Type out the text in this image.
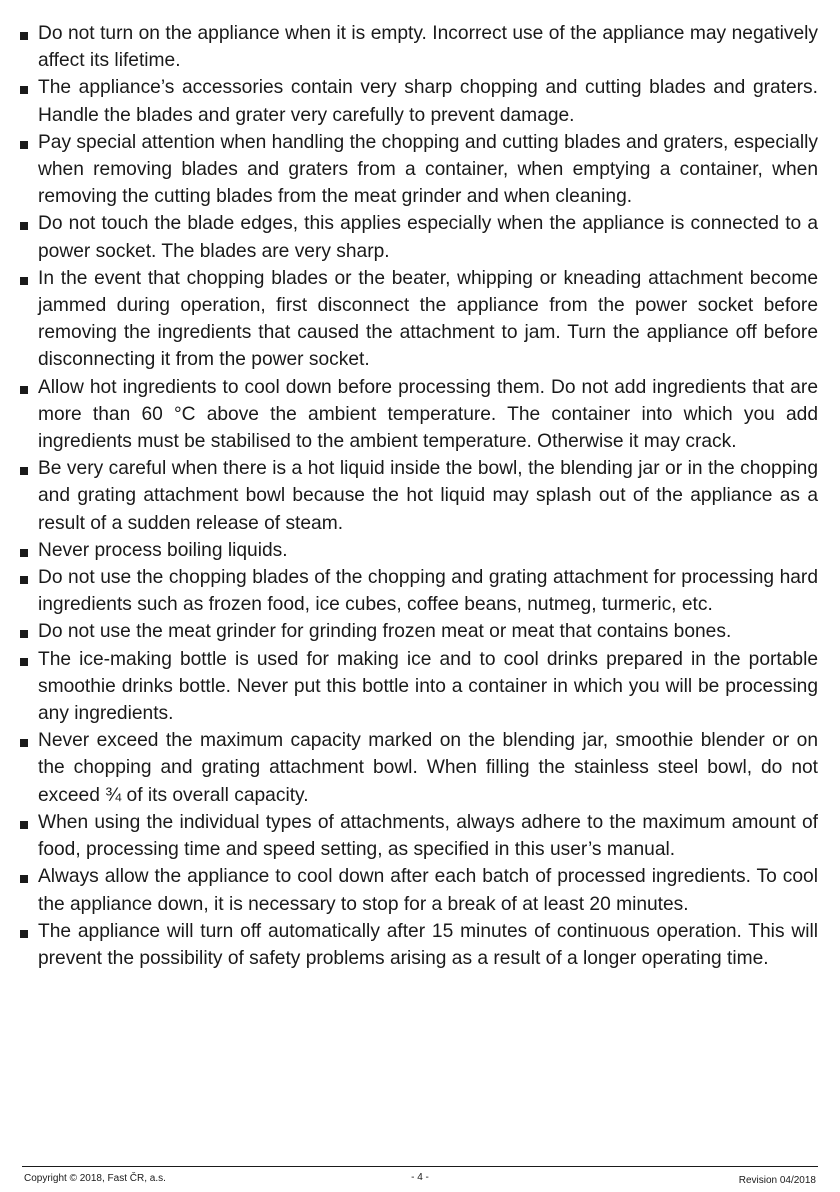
Do not turn on the appliance when it is empty. Incorrect use of the appliance may negatively affect its lifetime.
The appliance’s accessories contain very sharp chopping and cutting blades and graters. Handle the blades and grater very carefully to prevent damage.
Pay special attention when handling the chopping and cutting blades and graters, especially when removing blades and graters from a container, when emptying a container, when removing the cutting blades from the meat grinder and when cleaning.
Do not touch the blade edges, this applies especially when the appliance is connected to a power socket. The blades are very sharp.
In the event that chopping blades or the beater, whipping or kneading attachment become jammed during operation, first disconnect the appliance from the power socket before removing the ingredients that caused the attachment to jam. Turn the appliance off before disconnecting it from the power socket.
Allow hot ingredients to cool down before processing them. Do not add ingredients that are more than 60 °C above the ambient temperature. The container into which you add ingredients must be stabilised to the ambient temperature. Otherwise it may crack.
Be very careful when there is a hot liquid inside the bowl, the blending jar or in the chopping and grating attachment bowl because the hot liquid may splash out of the appliance as a result of a sudden release of steam.
Never process boiling liquids.
Do not use the chopping blades of the chopping and grating attachment for processing hard ingredients such as frozen food, ice cubes, coffee beans, nutmeg, turmeric, etc.
Do not use the meat grinder for grinding frozen meat or meat that contains bones.
The ice-making bottle is used for making ice and to cool drinks prepared in the portable smoothie drinks bottle. Never put this bottle into a container in which you will be processing any ingredients.
Never exceed the maximum capacity marked on the blending jar, smoothie blender or on the chopping and grating attachment bowl. When filling the stainless steel bowl, do not exceed ¾ of its overall capacity.
When using the individual types of attachments, always adhere to the maximum amount of food, processing time and speed setting, as specified in this user’s manual.
Always allow the appliance to cool down after each batch of processed ingredients. To cool the appliance down, it is necessary to stop for a break of at least 20 minutes.
The appliance will turn off automatically after 15 minutes of continuous operation. This will prevent the possibility of safety problems arising as a result of a longer operating time.
Copyright © 2018, Fast ČR, a.s.	- 4 -	Revision 04/2018
